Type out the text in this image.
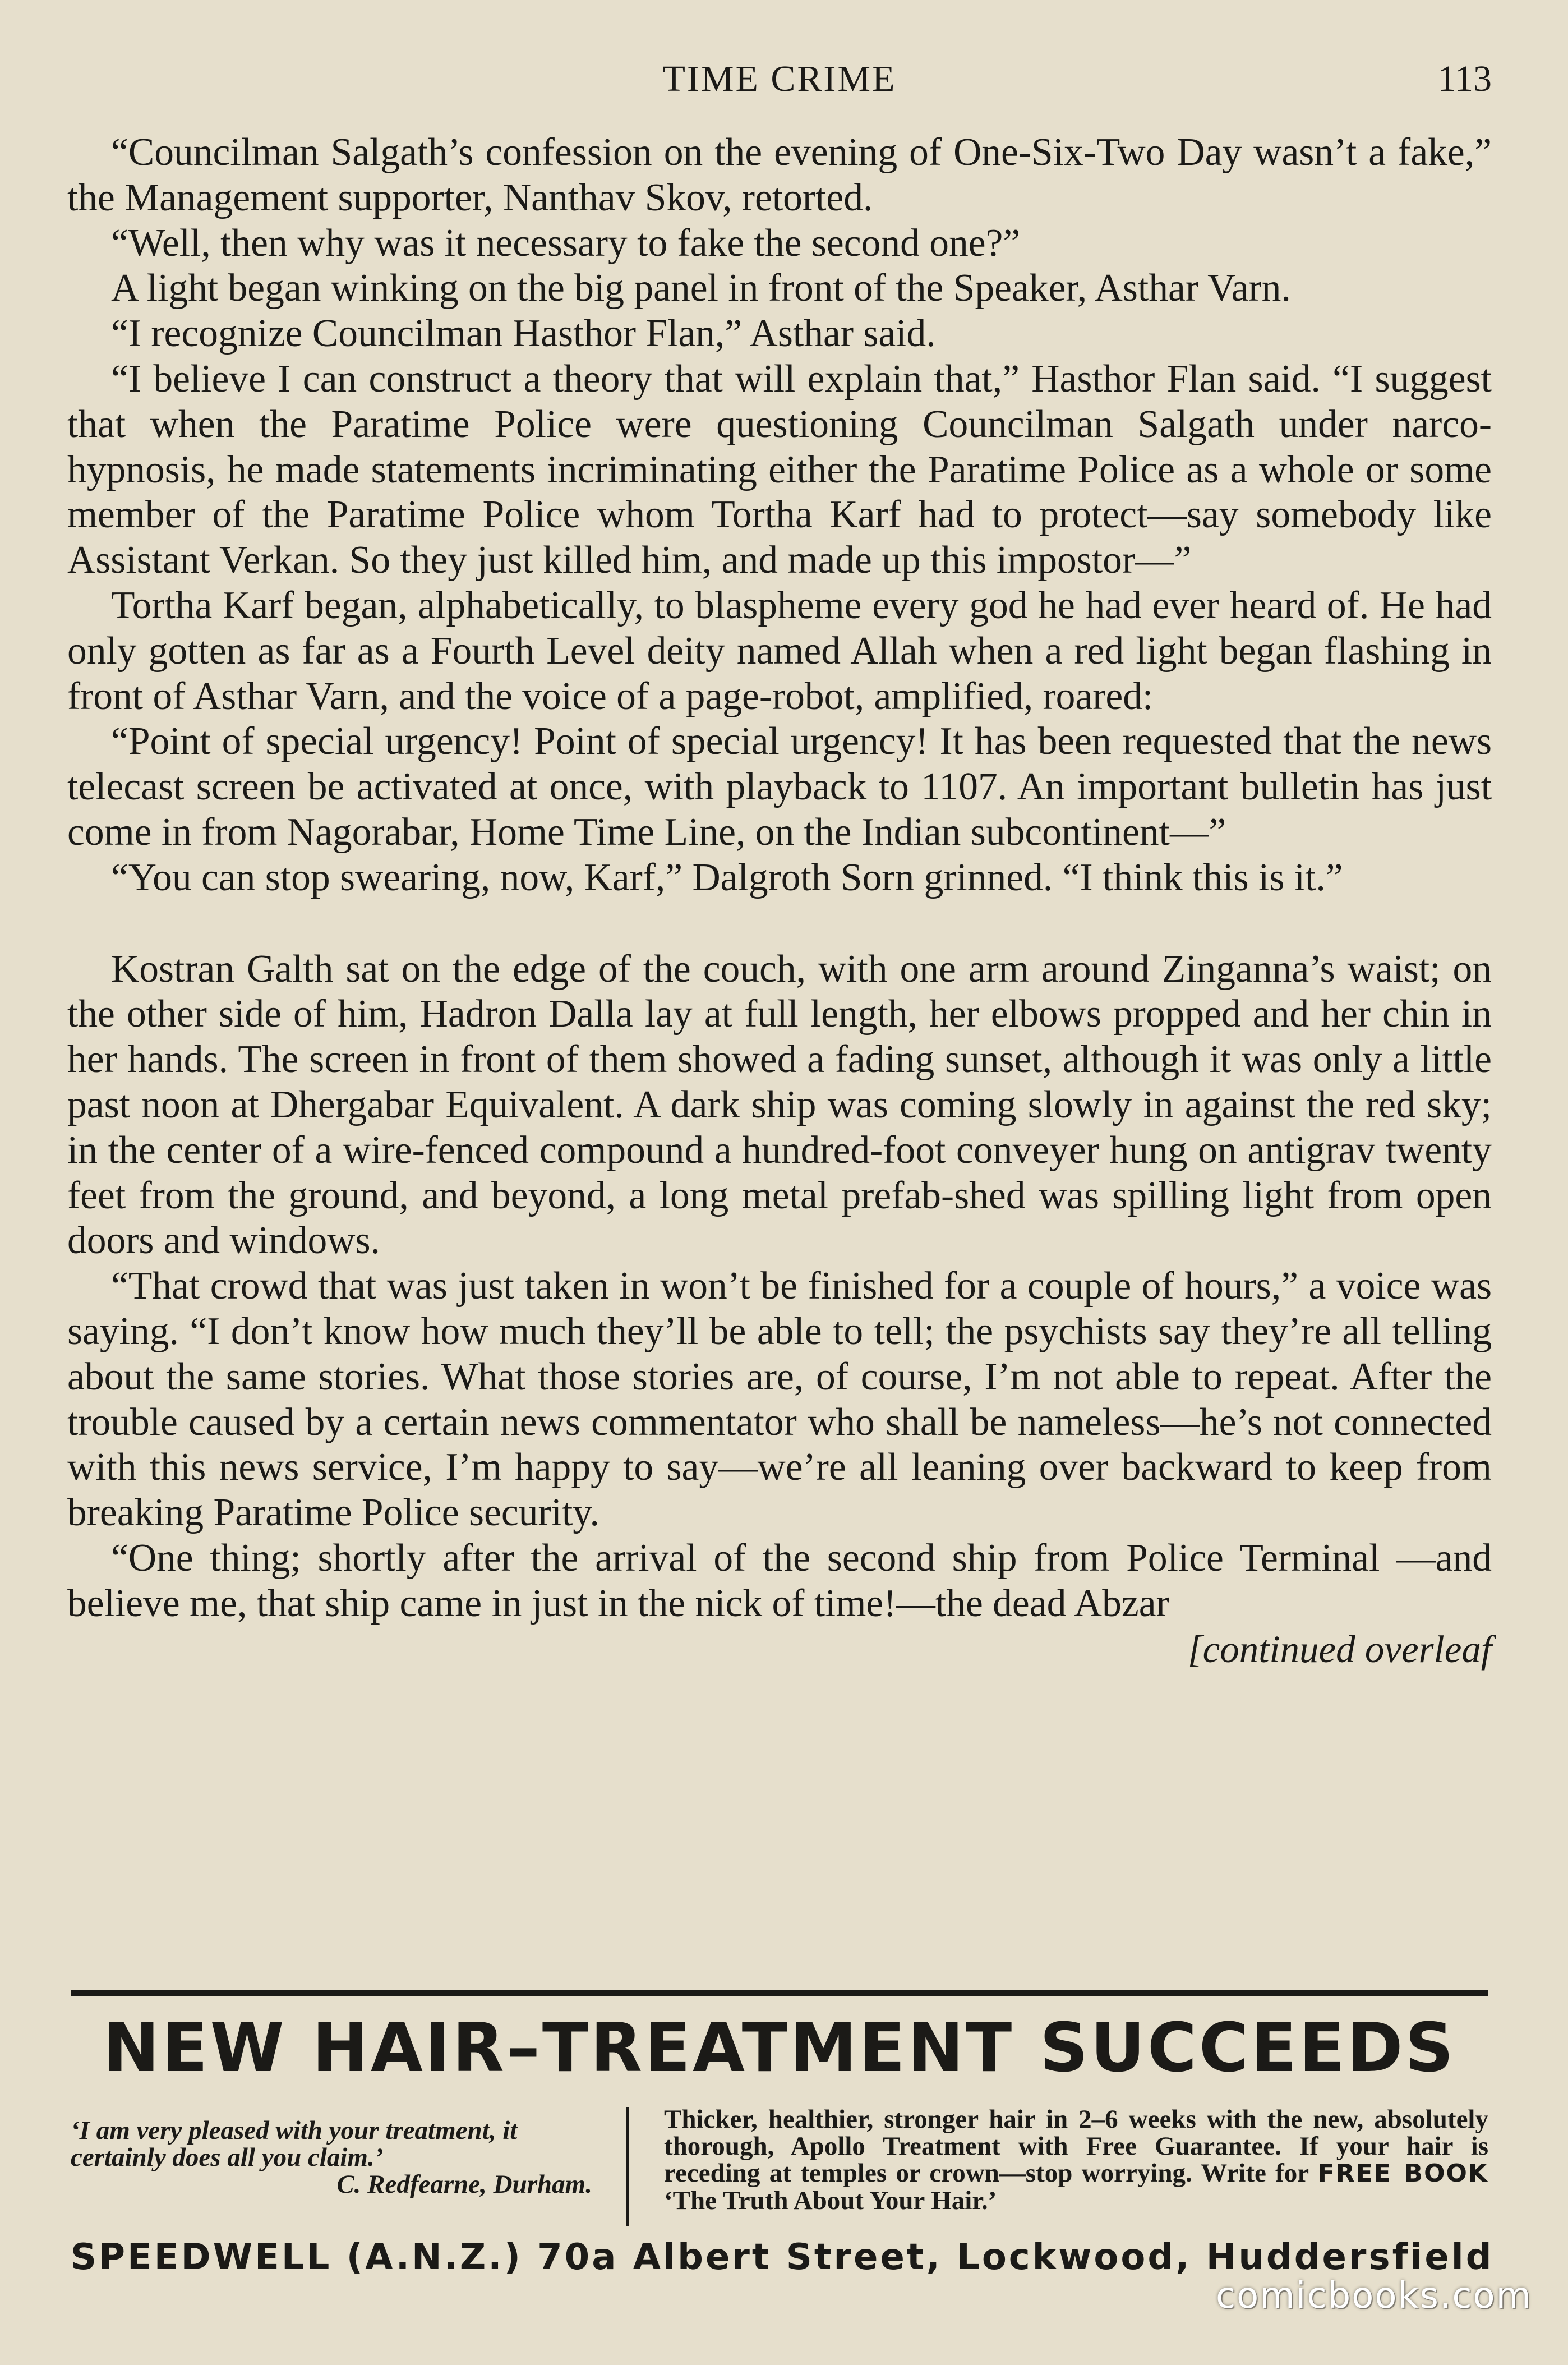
TIME CRIME	113

“Councilman Salgath’s confession on the evening of One-Six-Two Day wasn’t a fake,” the Management supporter, Nanthav Skov, retorted.

“Well, then why was it necessary to fake the second one?”

A light began winking on the big panel in front of the Speaker, Asthar Varn.

“I recognize Councilman Hasthor Flan,” Asthar said.

“I believe I can construct a theory that will explain that,” Hasthor Flan said. “I suggest that when the Paratime Police were questioning Councilman Salgath under narco-hypnosis, he made statements incriminating either the Paratime Police as a whole or some member of the Paratime Police whom Tortha Karf had to protect—say somebody like Assistant Verkan. So they just killed him, and made up this impostor—”

Tortha Karf began, alphabetically, to blaspheme every god he had ever heard of. He had only gotten as far as a Fourth Level deity named Allah when a red light began flashing in front of Asthar Varn, and the voice of a page-robot, amplified, roared:

“Point of special urgency! Point of special urgency! It has been requested that the news telecast screen be activated at once, with playback to 1107. An important bulletin has just come in from Nagorabar, Home Time Line, on the Indian subcontinent—”

“You can stop swearing, now, Karf,” Dalgroth Sorn grinned. “I think this is it.”

Kostran Galth sat on the edge of the couch, with one arm around Zinganna’s waist; on the other side of him, Hadron Dalla lay at full length, her elbows propped and her chin in her hands. The screen in front of them showed a fading sunset, although it was only a little past noon at Dhergabar Equivalent. A dark ship was coming slowly in against the red sky; in the center of a wire-fenced compound a hundred-foot conveyer hung on antigrav twenty feet from the ground, and beyond, a long metal prefab-shed was spilling light from open doors and windows.

“That crowd that was just taken in won’t be finished for a couple of hours,” a voice was saying. “I don’t know how much they’ll be able to tell; the psychists say they’re all telling about the same stories. What those stories are, of course, I’m not able to repeat. After the trouble caused by a certain news commentator who shall be nameless—he’s not connected with this news service, I’m happy to say—we’re all leaning over backward to keep from breaking Paratime Police security.

“One thing; shortly after the arrival of the second ship from Police Terminal —and believe me, that ship came in just in the nick of time!—the dead Abzar

[continued overleaf
NEW HAIR–TREATMENT SUCCEEDS
‘I am very pleased with your treatment, it certainly does all you claim.’
C. Redfearne, Durham.
Thicker, healthier, stronger hair in 2–6 weeks with the new, absolutely thorough, Apollo Treatment with Free Guarantee. If your hair is receding at temples or crown—stop worrying. Write for FREE BOOK ‘The Truth About Your Hair.’
SPEEDWELL (A.N.Z.) 70a Albert Street, Lockwood, Huddersfield
comicbooks.com
